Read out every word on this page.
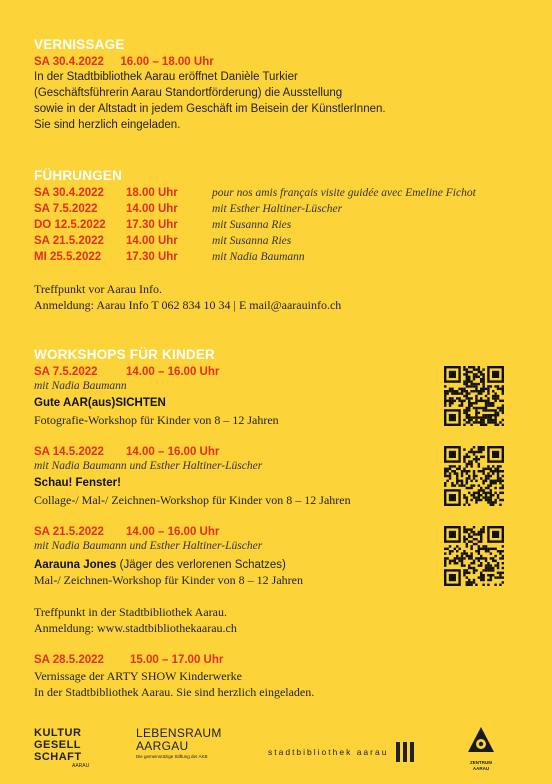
VERNISSAGE
SA 30.4.2022 16.00 – 18.00 Uhr
In der Stadtbibliothek Aarau eröffnet Danièle Turkier
(Geschäftsführerin Aarau Standortförderung) die Ausstellung
sowie in der Altstadt in jedem Geschäft im Beisein der KünstlerInnen.
Sie sind herzlich eingeladen.
FÜHRUNGEN
SA 30.4.2022 18.00 Uhr	pour nos amis français visite guidée avec Emeline Fichot
SA 7.5.2022 14.00 Uhr	mit Esther Haltiner-Lüscher
DO 12.5.2022 17.30 Uhr	mit Susanna Ries
SA 21.5.2022 14.00 Uhr	mit Susanna Ries
MI 25.5.2022 17.30 Uhr	mit Nadia Baumann
Treffpunkt vor Aarau Info.
Anmeldung: Aarau Info T 062 834 10 34 | E mail@aarauinfo.ch
WORKSHOPS FÜR KINDER
SA 7.5.2022 14.00 – 16.00 Uhr
mit Nadia Baumann
Gute AAR(aus)SICHTEN
Fotografie-Workshop für Kinder von 8 – 12 Jahren
SA 14.5.2022 14.00 – 16.00 Uhr
mit Nadia Baumann und Esther Haltiner-Lüscher
Schau! Fenster!
Collage-/ Mal-/ Zeichnen-Workshop für Kinder von 8 – 12 Jahren
SA 21.5.2022 14.00 – 16.00 Uhr
mit Nadia Baumann und Esther Haltiner-Lüscher
Aarauna Jones (Jäger des verlorenen Schatzes)
Mal-/ Zeichnen-Workshop für Kinder von 8 – 12 Jahren
Treffpunkt in der Stadtbibliothek Aarau.
Anmeldung: www.stadtbibliothekaarau.ch
SA 28.5.2022 15.00 – 17.00 Uhr
Vernissage der ARTY SHOW Kinderwerke
In der Stadtbibliothek Aarau. Sie sind herzlich eingeladen.
KULTUR
GESELL
SCHAFT
AARAU
LEBENSRAUM
AARGAU
Die gemeinnützige Stiftung der AKB	stadtbibliothek aarau
ZENTRUM AARAU
